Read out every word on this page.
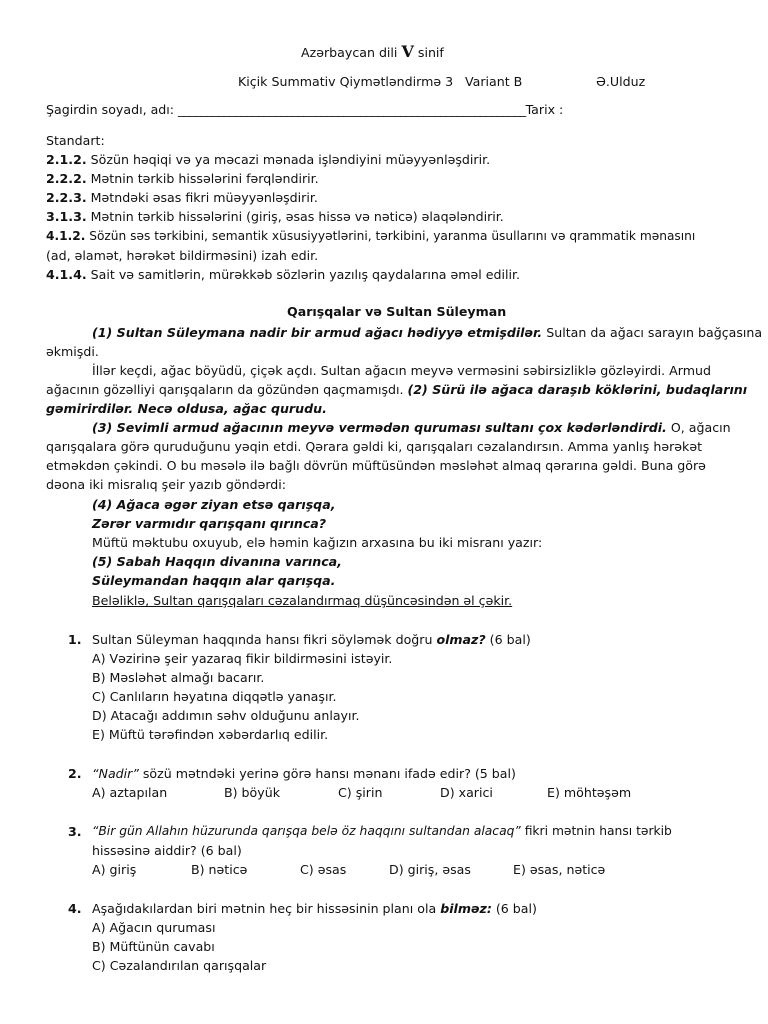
Azərbaycan dili V sinif
Kiçik Summativ Qiymətləndirmə 3 Variant B	Ə.Ulduz
Şagirdin soyadı, adı: _____________________________________________________________Tarix :
Standart:
2.1.2. Sözün həqiqi və ya məcazi mənada işləndiyini müəyyənləşdirir.
2.2.2. Mətnin tərkib hissələrini fərqləndirir.
2.2.3. Mətndəki əsas fikri müəyyənləşdirir.
3.1.3. Mətnin tərkib hissələrini (giriş, əsas hissə və nəticə) əlaqələndirir.
4.1.2. Sözün səs tərkibini, semantik xüsusiyyətlərini, tərkibini, yaranma üsullarını və qrammatik mənasını
(ad, əlamət, hərəkət bildirməsini) izah edir.
4.1.4. Sait və samitlərin, mürəkkəb sözlərin yazılış qaydalarına əməl edilir.
Qarışqalar və Sultan Süleyman
(1) Sultan Süleymana nadir bir armud ağacı hədiyyə etmişdilər. Sultan da ağacı sarayın bağçasına
əkmişdi.
İllər keçdi, ağac böyüdü, çiçək açdı. Sultan ağacın meyvə verməsini səbirsizliklə gözləyirdi. Armud
ağacının gözəlliyi qarışqaların da gözündən qaçmamışdı. (2) Sürü ilə ağaca daraşıb köklərini, budaqlarını
gəmirirdilər. Necə oldusa, ağac qurudu.
(3) Sevimli armud ağacının meyvə vermədən quruması sultanı çox kədərləndirdi. O, ağacın
qarışqalara görə quruduğunu yəqin etdi. Qərara gəldi ki, qarışqaları cəzalandırsın. Amma yanlış hərəkət
etməkdən çəkindi. O bu məsələ ilə bağlı dövrün müftüsündən məsləhət almaq qərarına gəldi. Buna görə
dəona iki misralıq şeir yazıb göndərdi:
(4) Ağaca əgər ziyan etsə qarışqa,
Zərər varmıdır qarışqanı qırınca?
Müftü məktubu oxuyub, elə həmin kağızın arxasına bu iki misranı yazır:
(5) Sabah Haqqın divanına varınca,
Süleymandan haqqın alar qarışqa.
Beləliklə, Sultan qarışqaları cəzalandırmaq düşüncəsindən əl çəkir.
1. Sultan Süleyman haqqında hansı fikri söyləmək doğru olmaz? (6 bal)
A) Vəzirinə şeir yazaraq fikir bildirməsini istəyir.
B) Məsləhət almağı bacarır.
C) Canlıların həyatına diqqətlə yanaşır.
D) Atacağı addımın səhv olduğunu anlayır.
E) Müftü tərəfindən xəbərdarlıq edilir.
2. “Nadir” sözü mətndəki yerinə görə hansı mənanı ifadə edir? (5 bal)
A) aztapılan	B) böyük	C) şirin	D) xarici	E) möhtəşəm
3. “Bir gün Allahın hüzurunda qarışqa belə öz haqqını sultandan alacaq” fikri mətnin hansı tərkib
hissəsinə aiddir? (6 bal)
A) giriş	B) nəticə	C) əsas	D) giriş, əsas	E) əsas, nəticə
4. Aşağıdakılardan biri mətnin heç bir hissəsinin planı ola bilməz: (6 bal)
A) Ağacın quruması
B) Müftünün cavabı
C) Cəzalandırılan qarışqalar
